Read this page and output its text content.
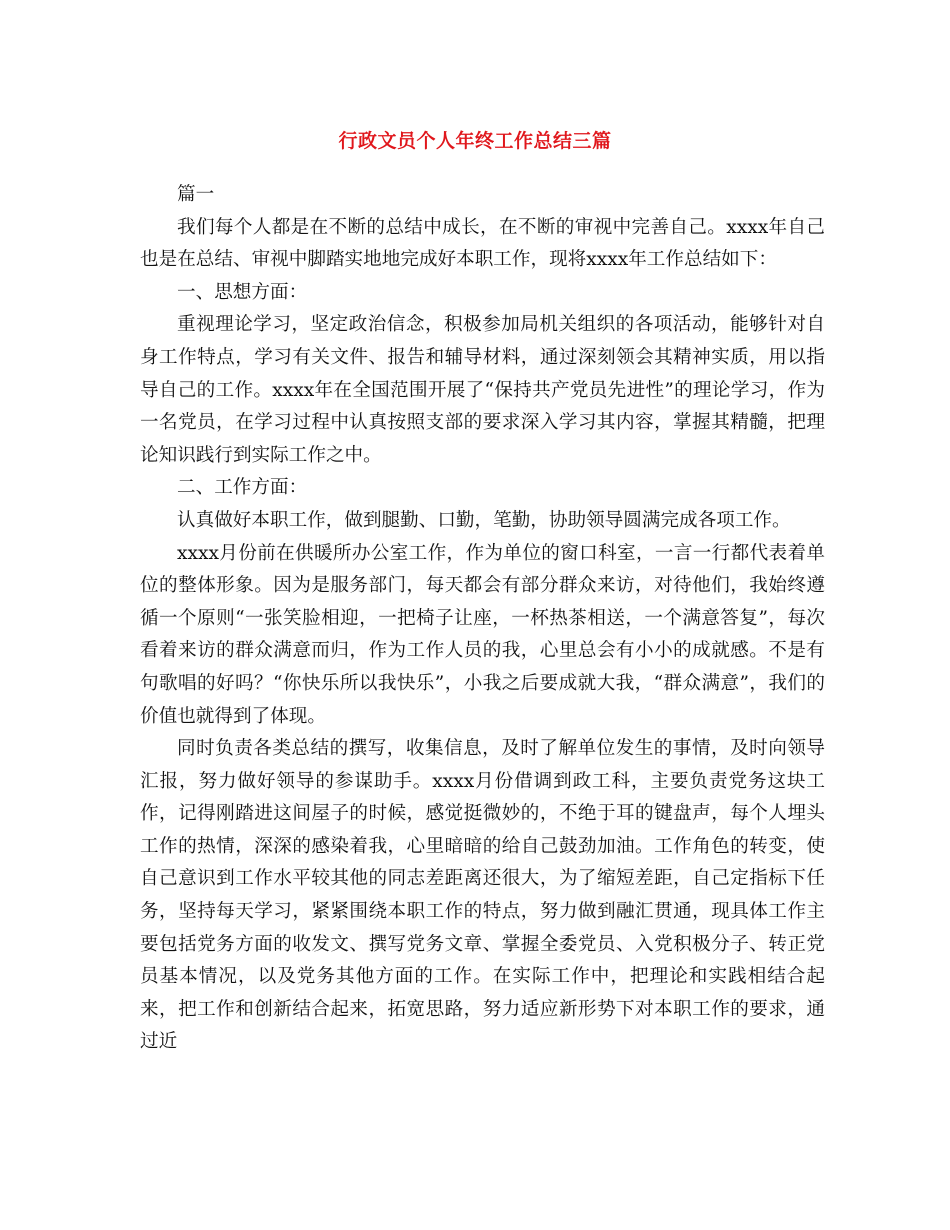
行政文员个人年终工作总结三篇

篇一

我们每个人都是在不断的总结中成长，在不断的审视中完善自己。xxxx年自己也是在总结、审视中脚踏实地地完成好本职工作，现将xxxx年工作总结如下：

一、思想方面：

重视理论学习，坚定政治信念，积极参加局机关组织的各项活动，能够针对自身工作特点，学习有关文件、报告和辅导材料，通过深刻领会其精神实质，用以指导自己的工作。xxxx年在全国范围开展了“保持共产党员先进性”的理论学习，作为一名党员，在学习过程中认真按照支部的要求深入学习其内容，掌握其精髓，把理论知识践行到实际工作之中。

二、工作方面：

认真做好本职工作，做到腿勤、口勤，笔勤，协助领导圆满完成各项工作。

xxxx月份前在供暖所办公室工作，作为单位的窗口科室，一言一行都代表着单位的整体形象。因为是服务部门，每天都会有部分群众来访，对待他们，我始终遵循一个原则“一张笑脸相迎，一把椅子让座，一杯热茶相送，一个满意答复”，每次看着来访的群众满意而归，作为工作人员的我，心里总会有小小的成就感。不是有句歌唱的好吗？“你快乐所以我快乐”，小我之后要成就大我，“群众满意”，我们的价值也就得到了体现。

同时负责各类总结的撰写，收集信息，及时了解单位发生的事情，及时向领导汇报，努力做好领导的参谋助手。xxxx月份借调到政工科，主要负责党务这块工作，记得刚踏进这间屋子的时候，感觉挺微妙的，不绝于耳的键盘声，每个人埋头工作的热情，深深的感染着我，心里暗暗的给自己鼓劲加油。工作角色的转变，使自己意识到工作水平较其他的同志差距离还很大，为了缩短差距，自己定指标下任务，坚持每天学习，紧紧围绕本职工作的特点，努力做到融汇贯通，现具体工作主要包括党务方面的收发文、撰写党务文章、掌握全委党员、入党积极分子、转正党员基本情况，以及党务其他方面的工作。在实际工作中，把理论和实践相结合起来，把工作和创新结合起来，拓宽思路，努力适应新形势下对本职工作的要求，通过近
